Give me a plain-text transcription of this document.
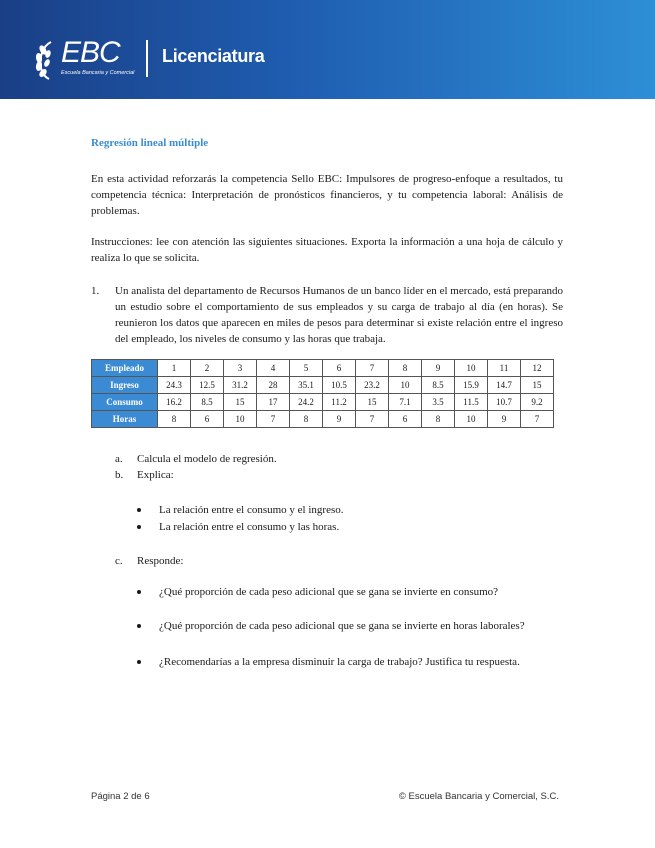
EBC
Escuela Bancaria y Comercial
Licenciatura
Regresión lineal múltiple

En esta actividad reforzarás la competencia Sello EBC: Impulsores de progreso-enfoque a resultados, tu competencia técnica: Interpretación de pronósticos financieros, y tu competencia laboral: Análisis de problemas.

Instrucciones: lee con atención las siguientes situaciones. Exporta la información a una hoja de cálculo y realiza lo que se solicita.

1. Un analista del departamento de Recursos Humanos de un banco líder en el mercado, está preparando un estudio sobre el comportamiento de sus empleados y su carga de trabajo al día (en horas). Se reunieron los datos que aparecen en miles de pesos para determinar si existe relación entre el ingreso del empleado, los niveles de consumo y las horas que trabaja.
Empleado	1	2	3	4	5	6	7	8	9	10	11	12
Ingreso	24.3	12.5	31.2	28	35.1	10.5	23.2	10	8.5	15.9	14.7	15
Consumo	16.2	8.5	15	17	24.2	11.2	15	7.1	3.5	11.5	10.7	9.2
Horas	8	6	10	7	8	9	7	6	8	10	9	7
a. Calcula el modelo de regresión.
b. Explica:
La relación entre el consumo y el ingreso.
La relación entre el consumo y las horas.
c. Responde:
¿Qué proporción de cada peso adicional que se gana se invierte en consumo?
¿Qué proporción de cada peso adicional que se gana se invierte en horas laborales?
¿Recomendarías a la empresa disminuir la carga de trabajo? Justifica tu respuesta.
Página 2 de 6	© Escuela Bancaria y Comercial, S.C.
